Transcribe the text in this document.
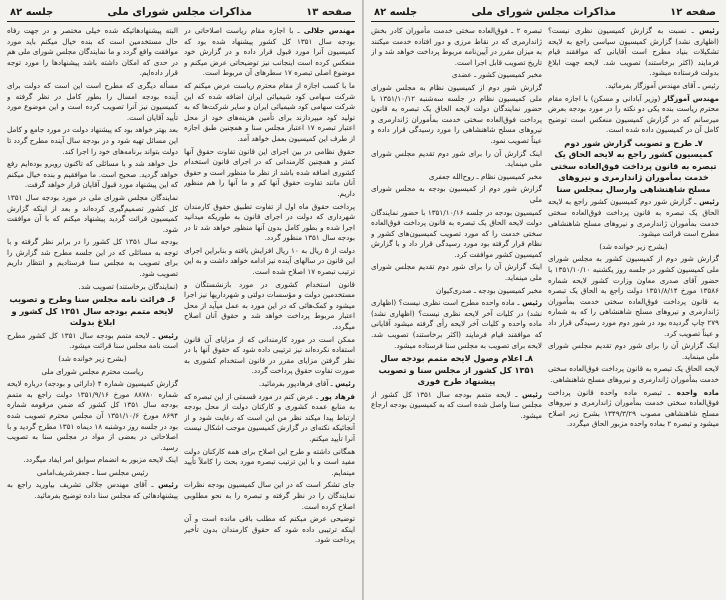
صفحه ۱۳
مذاکرات مجلس شورای ملی
جلسه ۸۲

مهندس جلالی ـ با اجازه مقام ریاست اصلاحاتی در بودجه سال ۱۳۵۱ کل کشور پیشنهاد شده بود که کمیسیون آنرا مورد قبول قرار داده و در گزارش خود منعکس کرده است اینجانب نیز توضیحاتی عرض میکنم و موضوع اصلی تبصره ۱۷ سطرهای آن مربوط است.

ما با کسب اجازه از مقام محترم ریاست عرض میکنم که شرکت سهامی کود شیمیائی ایران اضافه شده که این شرکت سهامی کود شیمیائی ایران و سایر شرکت‌ها که به تولید کود میپردازند برای تأمین هزینه‌های خود از محل اعتبار تبصره ۱۷ اعتبار مجلس سنا و همچنین طبق اجازه از طرف این کمیسیون بعمل خواهد آمد.

حقوق نظامی در بین اجرای این قانون تفاوت حقوق آنها کمتر و همچنین کارمندانی که در اجرای قانون استخدام کشوری اضافه شده باشد از نظر ما منظور است و حقوق آنان مانند تفاوت حقوق آنها کم و ما آنها را هم منظور داریم.

پرداخت حقوق ماه اول از تفاوت تطبیق حقوق کارمندان شهرداری که دولت در اجرای قانون به طوریکه میدانید اجرا شده و بطور کامل بدون آنها منظور خواهد شد تا در بودجه سال ۱۳۵۱ منظور گردد.

دولت از ۵ ریال به ۱۰ ریال افزایش یافته و بنابراین اجرای این قانون در سالهای آینده نیز ادامه خواهد داشت و به این ترتیب تبصره ۱۷ اصلاح شده است.

قانون استخدام کشوری در مورد بازنشستگان و مستخدمین دولت و مؤسسات دولتی و شهرداریها نیز اجرا میشود و کمک‌هائی که در این مورد به عمل میآید از محل اعتبار مربوط پرداخت خواهد شد و حقوق آنان اصلاح میگردد.

ممکن است در مورد کارمندانی که از مزایای آن قانون استفاده نکرده‌اند نیز ترتیبی داده شود که حقوق آنها با در نظر گرفتن مزایای مقرر در قانون استخدام کشوری به صورت تفاوت حقوق پرداخت گردد.

رئیس ـ آقای فرهادپور بفرمائید.

فرهاد پور ـ عرض کنم در مورد قسمتی از این تبصره که به منابع عمده کشوری و کارکنان دولت از محل بودجه ارتباط پیدا میکند نظر من این است که رعایت شود و از آنجائیکه نکته‌ای در گزارش کمیسیون موجب اشکال نیست آنرا تأیید میکنم.

همگانی داشته و طرح این اصلاح برای همه کارکنان دولت مفید است و با این ترتیب تبصره مورد بحث را کاملاً تأیید مینمایم.

جای تشکر است که در این سال کمیسیون بودجه نظرات نمایندگان را در نظر گرفته و تبصره را به نحو مطلوبی اصلاح کرده است.

توضیحی عرض میکنم که مطلب باقی مانده است و آن اینکه ترتیبی داده شود که حقوق کارمندان بدون تأخیر پرداخت شود.

البته پیشنهادهائیکه شده خیلی مختصر و در جهت رفاه حال مستخدمین است که بنده خیال میکنم باید مورد موافقت واقع گردد و ما نمایندگان مجلس شورای ملی هم در حدی که امکان داشته باشد پیشنهادها را مورد توجه قرار داده‌ایم.

مسأله دیگری که مطرح است این است که دولت برای آینده بودجه امسال را بطور کامل در نظر گرفته و کمیسیون نیز آنرا تصویب کرده است و این موضوع مورد تأیید آقایان است.

بعد بهتر خواهد بود که پیشنهاد دولت در مورد جامع و کامل این مسائل تهیه شود و در بودجه سال آینده مطرح گردد تا دولت بتواند برنامه‌های خود را اجرا کند.

حل خواهد شد و با مسائلی که تاکنون روبرو بوده‌ایم رفع خواهد گردید. صحیح است. ما موافقیم و بنده خیال میکنم که این پیشنهاد مورد قبول آقایان قرار خواهد گرفت.

نمایندگان مجلس شورای ملی در مورد بودجه سال ۱۳۵۱ کل کشور تصمیم‌گیری کرده‌اند و بعد از اینکه گزارش کمیسیون قرائت گردید پیشنهاد میکنم که با آن موافقت شود.

بودجه سال ۱۳۵۱ کل کشور را در برابر نظر گرفته و با توجه به مسائلی که در این جلسه مطرح شد گزارش را برای تصویب به مجلس سنا فرستادیم و انتظار داریم تصویب شود.

(نمایندگان برخاستند) تصویب شد.

۶ـ قرائت نامه مجلس سنا وطرح و تصویب لایحه متمم بودجه سال ۱۳۵۱ کل کشور و ابلاغ بدولت

رئیس ـ لایحه متمم بودجه سال ۱۳۵۱ کل کشور مطرح است نامه مجلس سنا قرائت میشود.

(بشرح زیر خوانده شد)

ریاست محترم مجلس شورای ملی

گزارش کمیسیون شماره ۴ (دارائی و بودجه) درباره لایحه شماره ۸۸۷۸۰ مورخ ۱۳۵۱/۹/۱۶ دولت راجع به متمم بودجه سال ۱۳۵۱ کل کشور که ضمن مرقومه شماره ۸۶۹۴ مورخ ۱۳۵۱/۱۰/۶ آن مجلس محترم تصویب شده بود در جلسه روز دوشنبه ۱۸ دیماه ۱۳۵۱ مطرح گردید و با اصلاحاتی در بعضی از مواد در مجلس سنا به تصویب رسید.

اینک لایحه مزبور به انضمام سوابق امر ایفاد میگردد.

رئیس مجلس سنا ـ جعفرشریف‌امامی

رئیس ـ آقای مهندس جلالی تشریف بیاورید راجع به پیشنهادهائی که مجلس سنا داده توضیح بفرمائید.

صفحه ۱۲
مذاکرات مجلس شورای ملی
جلسه ۸۲

رئیس ـ نسبت به گزارش کمیسیون نظری نیست؟ (اظهاری نشد) گزارش کمیسیون سیاسی راجع به لایحه تشکیلات بنیاد مطرح است آقایانی که موافقند قیام فرمایند (اکثر برخاستند) تصویب شد. لایحه جهت ابلاغ بدولت فرستاده میشود.

رئیس ـ آقای مهندس آموزگار بفرمائید.

مهندس آموزگار (وزیر آبادانی و مسکن) با اجازه مقام محترم ریاست بنده یکی دو نکته را در مورد بودجه بعرض میرسانم که در گزارش کمیسیون منعکس است توضیح کامل آن در کمیسیون داده شده است.

۷ـ طرح و تصویب گزارش شور دوم کمیسیون کشور راجع به لایحه الحاق یک تبصره به قانون پرداخت فوق‌العاده سختی خدمت بمأموران ژاندارمری و نیروهای مسلح شاهنشاهی وارسال بمجلس سنا

رئیس ـ گزارش شور دوم کمیسیون کشور راجع به لایحه الحاق یک تبصره به قانون پرداخت فوق‌العاده سختی خدمت بمأموران ژاندارمری و نیروهای مسلح شاهنشاهی مطرح است قرائت میشود.

(بشرح زیر خوانده شد)

گزارش شور دوم از کمیسیون کشور به مجلس شورای ملی کمیسیون کشور در جلسه روز یکشنبه ۱۳۵۱/۱۰/۱۰ با حضور آقای صدری معاون وزارت کشور لایحه شماره ۱۳۵۸۶ مورخ ۱۳۵۱/۸/۱۴ دولت راجع به الحاق یک تبصره به قانون پرداخت فوق‌العاده سختی خدمت بمأموران ژاندارمری و نیروهای مسلح شاهنشاهی را که به شماره ۲۷۹ چاپ گردیده بود در شور دوم مورد رسیدگی قرار داد و عیناً تصویب کرد.

اینک گزارش آن را برای شور دوم تقدیم مجلس شورای ملی مینماید.

لایحه الحاق یک تبصره به قانون پرداخت فوق‌العاده سختی خدمت بمأموران ژاندارمری و نیروهای مسلح شاهنشاهی.

ماده واحده ـ تبصره ماده واحده قانون پرداخت فوق‌العاده سختی خدمت بمأموران ژاندارمری و نیروهای مسلح شاهنشاهی مصوب ۱۳۴۹/۳/۲۹ بشرح زیر اصلاح میشود و تبصره ۲ بماده واحده مزبور الحاق میگردد.

تبصره ۲ ـ فوق‌العاده سختی خدمت مأموران کادر بخش ژاندارمری که در نقاط مرزی و دور افتاده خدمت میکنند به میزان مقرر در آیین‌نامه مربوط پرداخت خواهد شد و از تاریخ تصویب قابل اجرا است.

مخبر کمیسیون کشور ـ عضدی

گزارش شور دوم از کمیسیون نظام به مجلس شورای ملی کمیسیون نظام در جلسه سه‌شنبه ۱۳۵۱/۱۰/۱۲ با حضور نمایندگان دولت لایحه الحاق یک تبصره به قانون پرداخت فوق‌العاده سختی خدمت بمأموران ژاندارمری و نیروهای مسلح شاهنشاهی را مورد رسیدگی قرار داده و عیناً تصویب نمود.

اینک گزارش آن را برای شور دوم تقدیم مجلس شورای ملی مینماید.

مخبر کمیسیون نظام ـ روح‌الله جعفری

گزارش شور دوم از کمیسیون بودجه به مجلس شورای ملی

کمیسیون بودجه در جلسه ۱۳۵۱/۱۰/۱۶ با حضور نمایندگان دولت لایحه الحاق یک تبصره به قانون پرداخت فوق‌العاده سختی خدمت را که مورد تصویب کمیسیون‌های کشور و نظام قرار گرفته بود مورد رسیدگی قرار داد و با گزارش کمیسیون کشور موافقت کرد.

اینک گزارش آن را برای شور دوم تقدیم مجلس شورای ملی مینماید.

مخبر کمیسیون بودجه ـ صدری‌کیوان

رئیس ـ ماده واحده مطرح است نظری نیست؟ (اظهاری نشد) در کلیات آخر لایحه نظری نیست؟ (اظهاری نشد) ماده واحده و کلیات آخر لایحه رأی گرفته میشود آقایانی که موافقند قیام فرمایند (اکثر برخاستند) تصویب شد. لایحه برای تصویب به مجلس سنا فرستاده میشود.

۸ـ اعلام وصول لایحه متمم بودجه سال ۱۳۵۱ کل کشور از مجلس سنا و تصویب پیشنهاد طرح فوری

رئیس ـ لایحه متمم بودجه سال ۱۳۵۱ کل کشور از مجلس سنا واصل شده است که به کمیسیون بودجه ارجاع میشود.
